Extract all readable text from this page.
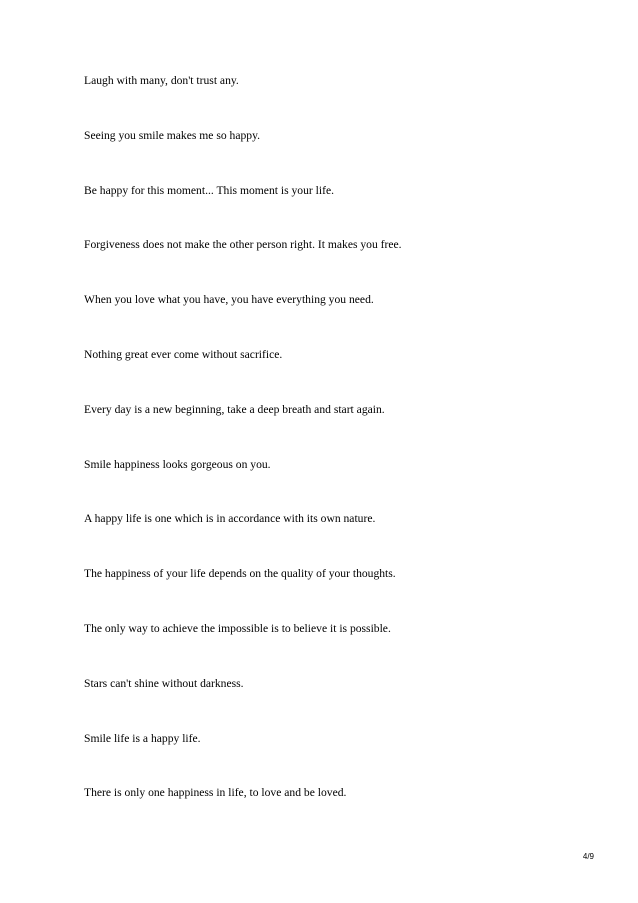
Laugh with many, don't trust any.
Seeing you smile makes me so happy.
Be happy for this moment... This moment is your life.
Forgiveness does not make the other person right. It makes you free.
When you love what you have, you have everything you need.
Nothing great ever come without sacrifice.
Every day is a new beginning, take a deep breath and start again.
Smile happiness looks gorgeous on you.
A happy life is one which is in accordance with its own nature.
The happiness of your life depends on the quality of your thoughts.
The only way to achieve the impossible is to believe it is possible.
Stars can't shine without darkness.
Smile life is a happy life.
There is only one happiness in life, to love and be loved.
4/9
